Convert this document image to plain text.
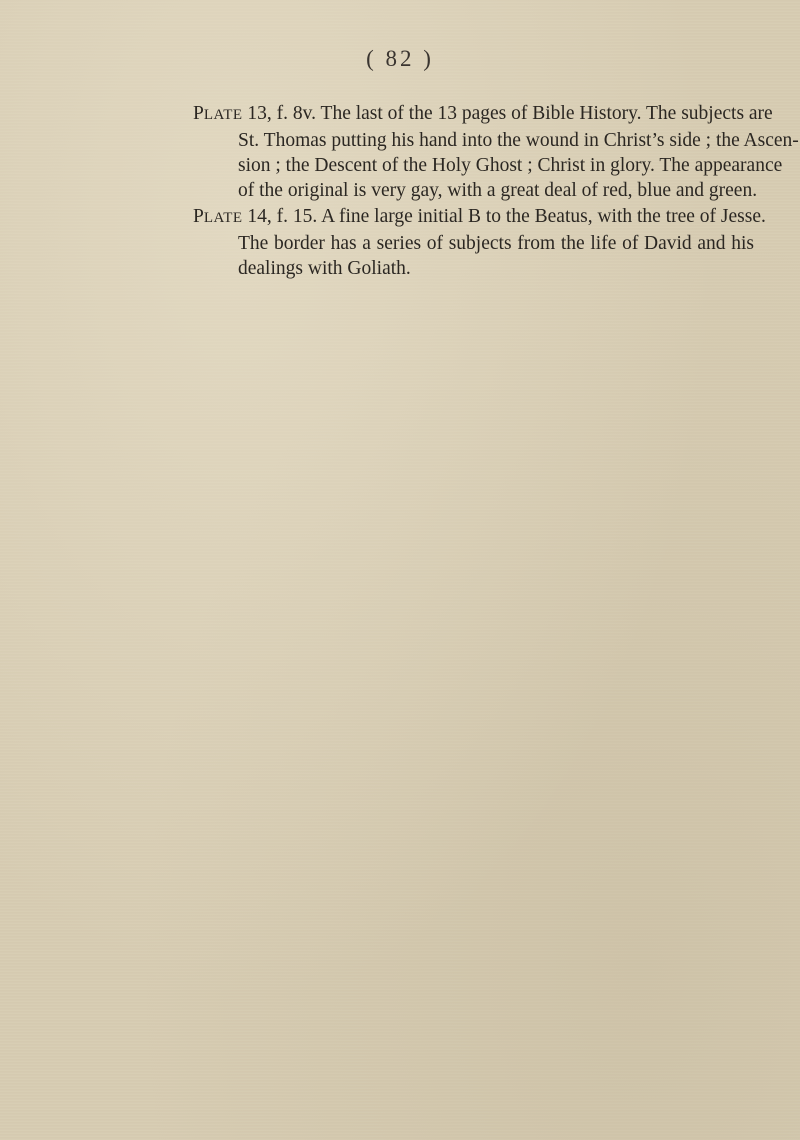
( 82 )
PLATE 13, f. 8v. The last of the 13 pages of Bible History. The subjects are
St. Thomas putting his hand into the wound in Christ’s side ; the Ascen-
sion ; the Descent of the Holy Ghost ; Christ in glory. The appearance
of the original is very gay, with a great deal of red, blue and green.
PLATE 14, f. 15. A fine large initial B to the Beatus, with the tree of Jesse.
The border has a series of subjects from the life of David and his
dealings with Goliath.
